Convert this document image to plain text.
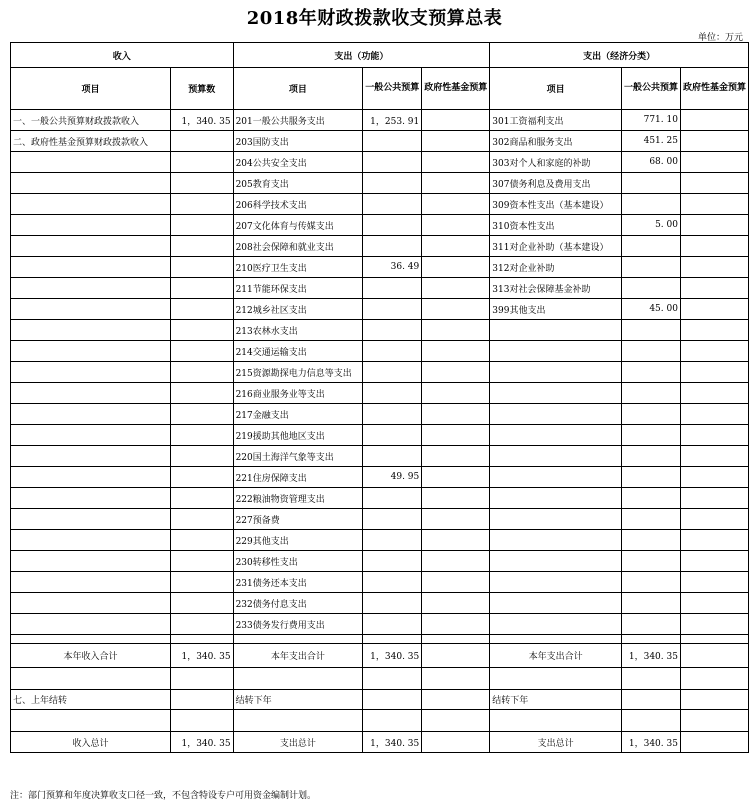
2018年财政拨款收支预算总表
单位：万元
收入		支出（功能）			支出（经济分类）		
项目	预算数	项目	一般公共预算	政府性基金预算	项目	一般公共预算	政府性基金预算
一、一般公共预算财政拨款收入	1，340. 35	201一般公共服务支出	1，253. 91		301工资福利支出	771. 10	
二、政府性基金预算财政拨款收入		203国防支出			302商品和服务支出	451. 25	
		204公共安全支出			303对个人和家庭的补助	68. 00	
		205教育支出			307债务利息及费用支出		
		206科学技术支出			309资本性支出（基本建设）		
		207文化体育与传媒支出			310资本性支出	5. 00	
		208社会保障和就业支出			311对企业补助（基本建设）		
		210医疗卫生支出	36. 49		312对企业补助		
		211节能环保支出			313对社会保障基金补助		
		212城乡社区支出			399其他支出	45. 00	
		213农林水支出					
		214交通运输支出					
		215资源勘探电力信息等支出					
		216商业服务业等支出					
		217金融支出					
		219援助其他地区支出					
		220国土海洋气象等支出					
		221住房保障支出	49. 95				
		222粮油物资管理支出					
		227预备费					
		229其他支出					
		230转移性支出					
		231债务还本支出					
		232债务付息支出					
		233债务发行费用支出					

本年收入合计	1，340. 35	本年支出合计	1，340. 35		本年支出合计	1，340. 35	

七、上年结转		结转下年			结转下年		

收入总计	1，340. 35	支出总计	1，340. 35		支出总计	1，340. 35	
注：部门预算和年度决算收支口径一致，不包含特设专户可用资金编制计划。
